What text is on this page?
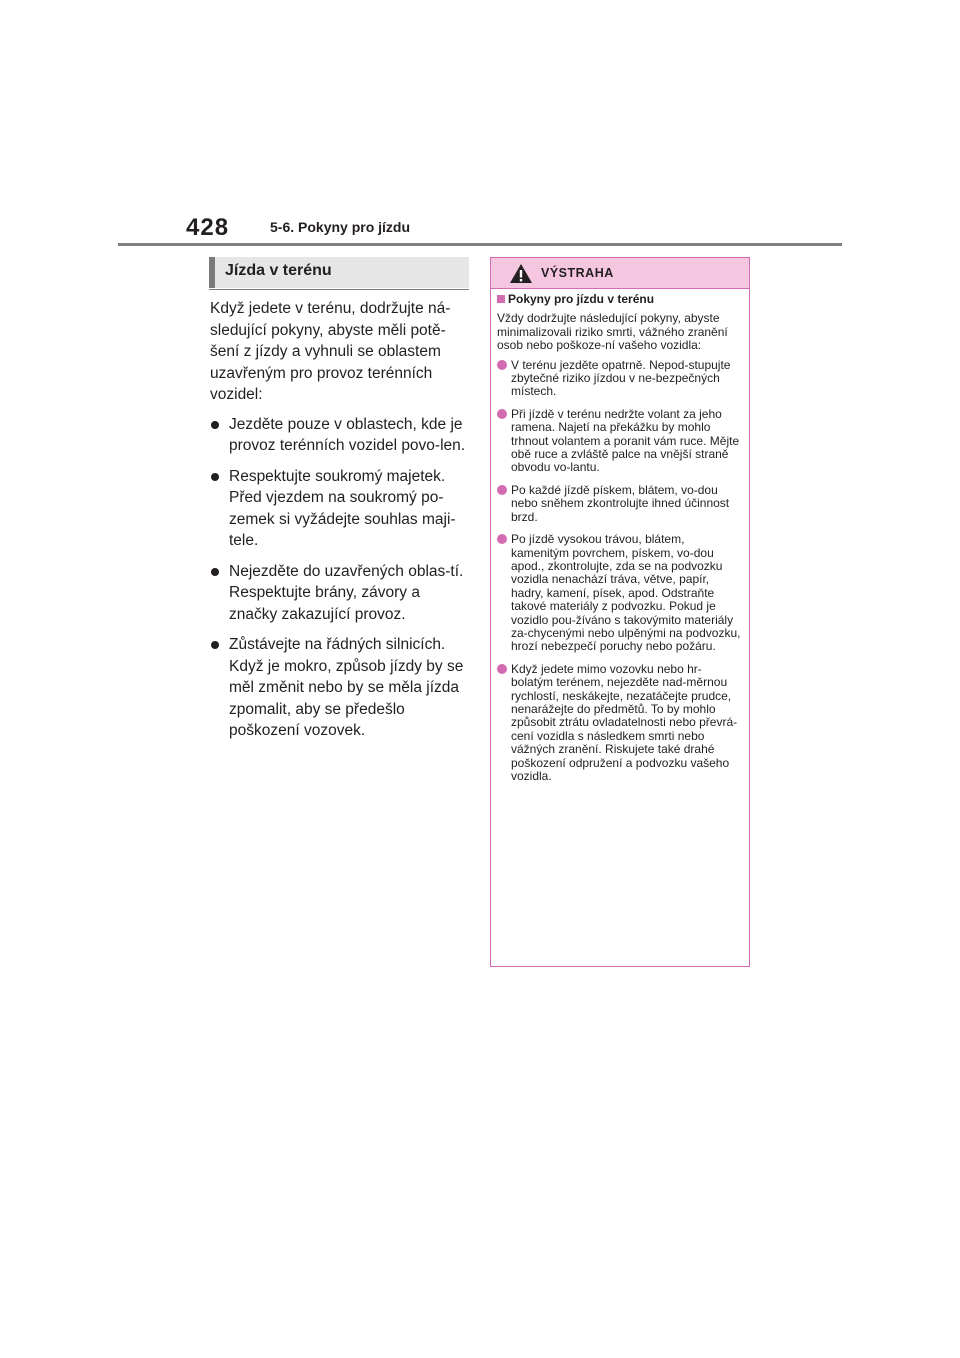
428	5-6. Pokyny pro jízdu
Jízda v terénu

Když jedete v terénu, dodržujte ná-sledující pokyny, abyste měli potě-šení z jízdy a vyhnuli se oblastem uzavřeným pro provoz terénních vozidel:

Jezděte pouze v oblastech, kde je provoz terénních vozidel povo-len.
Respektujte soukromý majetek. Před vjezdem na soukromý po-zemek si vyžádejte souhlas maji-tele.
Nejezděte do uzavřených oblas-tí. Respektujte brány, závory a značky zakazující provoz.
Zůstávejte na řádných silnicích. Když je mokro, způsob jízdy by se měl změnit nebo by se měla jízda zpomalit, aby se předešlo poškození vozovek.
VÝSTRAHA

Pokyny pro jízdu v terénu

Vždy dodržujte následující pokyny, abyste minimalizovali riziko smrti, vážného zranění osob nebo poškoze-ní vašeho vozidla:

V terénu jezděte opatrně. Nepod-stupujte zbytečné riziko jízdou v ne-bezpečných místech.
Při jízdě v terénu nedržte volant za jeho ramena. Najetí na překážku by mohlo trhnout volantem a poranit vám ruce. Mějte obě ruce a zvláště palce na vnější straně obvodu vo-lantu.
Po každé jízdě pískem, blátem, vo-dou nebo sněhem zkontrolujte ihned účinnost brzd.
Po jízdě vysokou trávou, blátem, kamenitým povrchem, pískem, vo-dou apod., zkontrolujte, zda se na podvozku vozidla nenachází tráva, větve, papír, hadry, kamení, písek, apod. Odstraňte takové materiály z podvozku. Pokud je vozidlo pou-žíváno s takovýmito materiály za-chycenými nebo ulpěnými na podvozku, hrozí nebezpečí poruchy nebo požáru.
Když jedete mimo vozovku nebo hr-bolatým terénem, nejezděte nad-měrnou rychlostí, neskákejte, nezatáčejte prudce, nenarážejte do předmětů. To by mohlo způsobit ztrátu ovladatelnosti nebo převrá-cení vozidla s následkem smrti nebo vážných zranění. Riskujete také drahé poškození odpružení a podvozku vašeho vozidla.
